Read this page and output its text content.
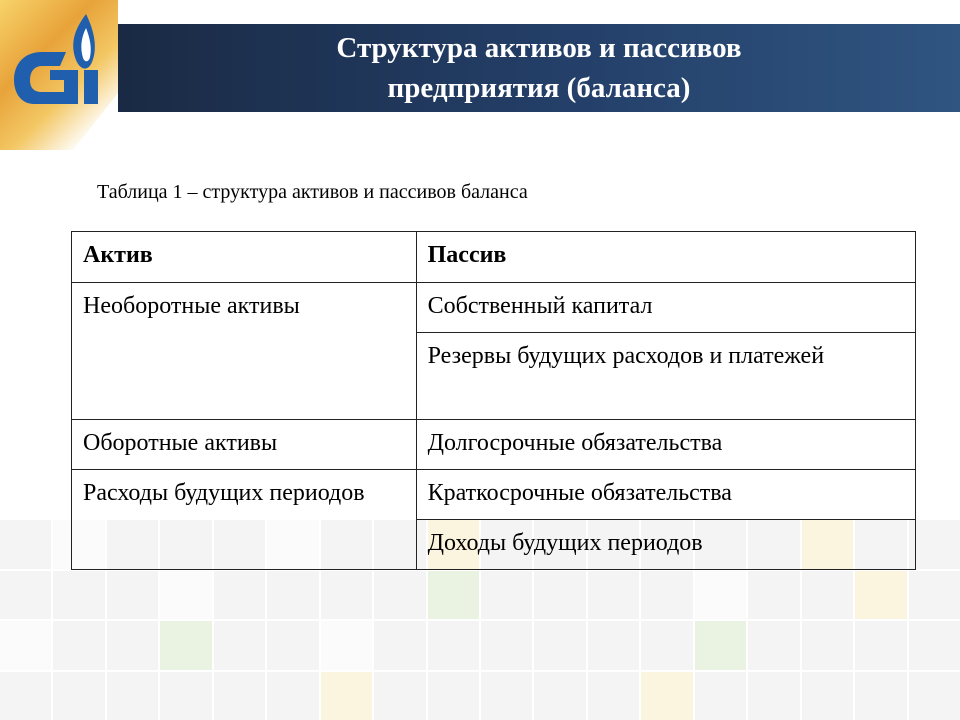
Структура активов и пассивов
предприятия (баланса)
Таблица 1 – структура активов и пассивов баланса
Актив	Пассив
Необоротные активы	Собственный капитал
	Резервы будущих расходов и платежей
Оборотные активы	Долгосрочные обязательства
Расходы будущих периодов	Краткосрочные обязательства
	Доходы будущих периодов
